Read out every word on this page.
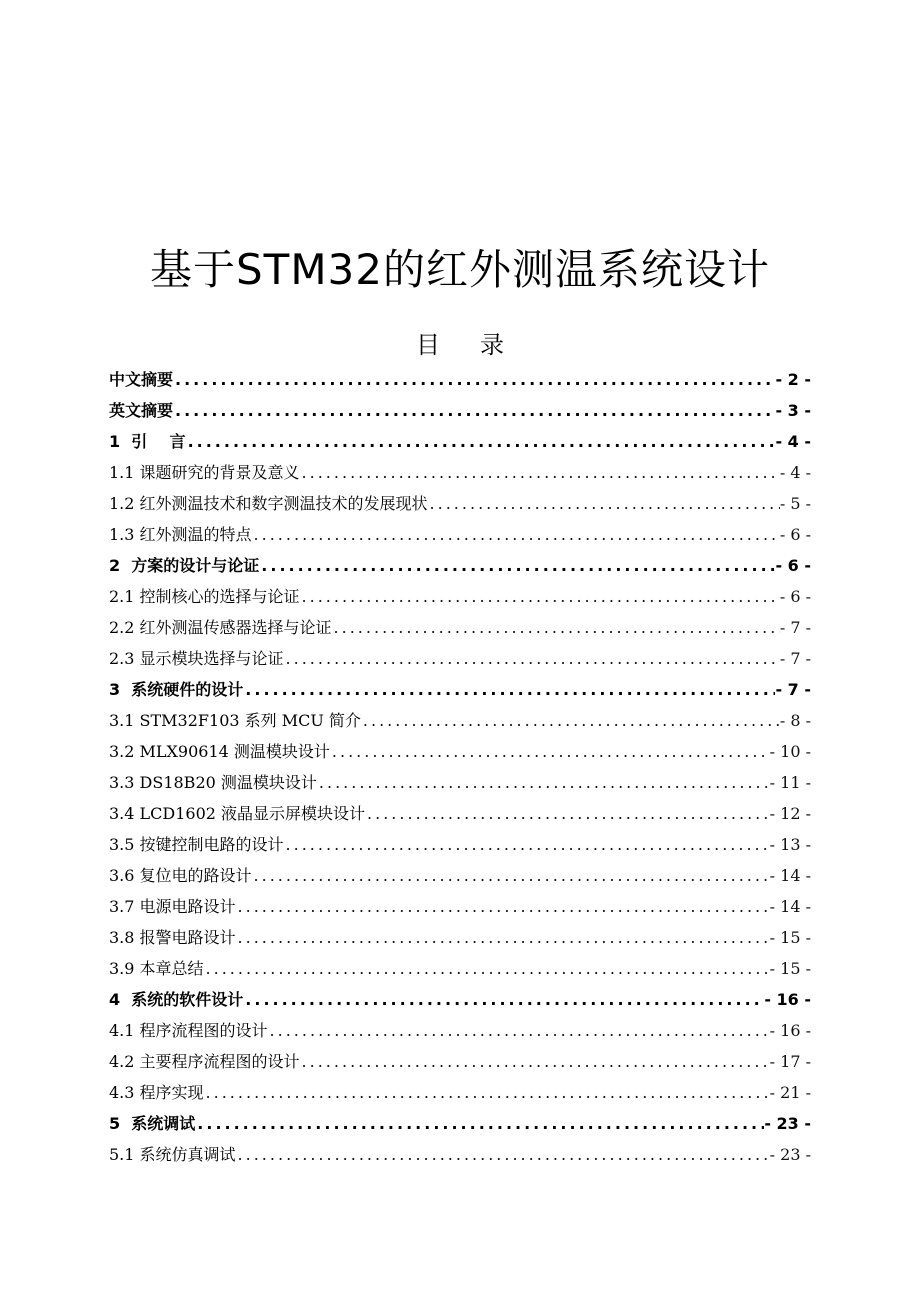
基于STM32的红外测温系统设计
目录
中文摘要 .....	- 2 -
英文摘要 .....	- 3 -
1  引    言 .....	- 4 -
1.1 课题研究的背景及意义 .....	- 4 -
1.2 红外测温技术和数字测温技术的发展现状 .....	- 5 -
1.3 红外测温的特点 .....	- 6 -
2  方案的设计与论证 .....	- 6 -
2.1 控制核心的选择与论证 .....	- 6 -
2.2 红外测温传感器选择与论证 .....	- 7 -
2.3 显示模块选择与论证 .....	- 7 -
3  系统硬件的设计 .....	- 7 -
3.1 STM32F103 系列 MCU 简介 .....	- 8 -
3.2 MLX90614 测温模块设计 .....	- 10 -
3.3 DS18B20 测温模块设计 .....	- 11 -
3.4 LCD1602 液晶显示屏模块设计 .....	- 12 -
3.5 按键控制电路的设计 .....	- 13 -
3.6 复位电的路设计 .....	- 14 -
3.7 电源电路设计 .....	- 14 -
3.8 报警电路设计 .....	- 15 -
3.9 本章总结 .....	- 15 -
4  系统的软件设计 .....	- 16 -
4.1 程序流程图的设计 .....	- 16 -
4.2 主要程序流程图的设计 .....	- 17 -
4.3 程序实现 .....	- 21 -
5  系统调试 .....	- 23 -
5.1 系统仿真调试 .....	- 23 -
